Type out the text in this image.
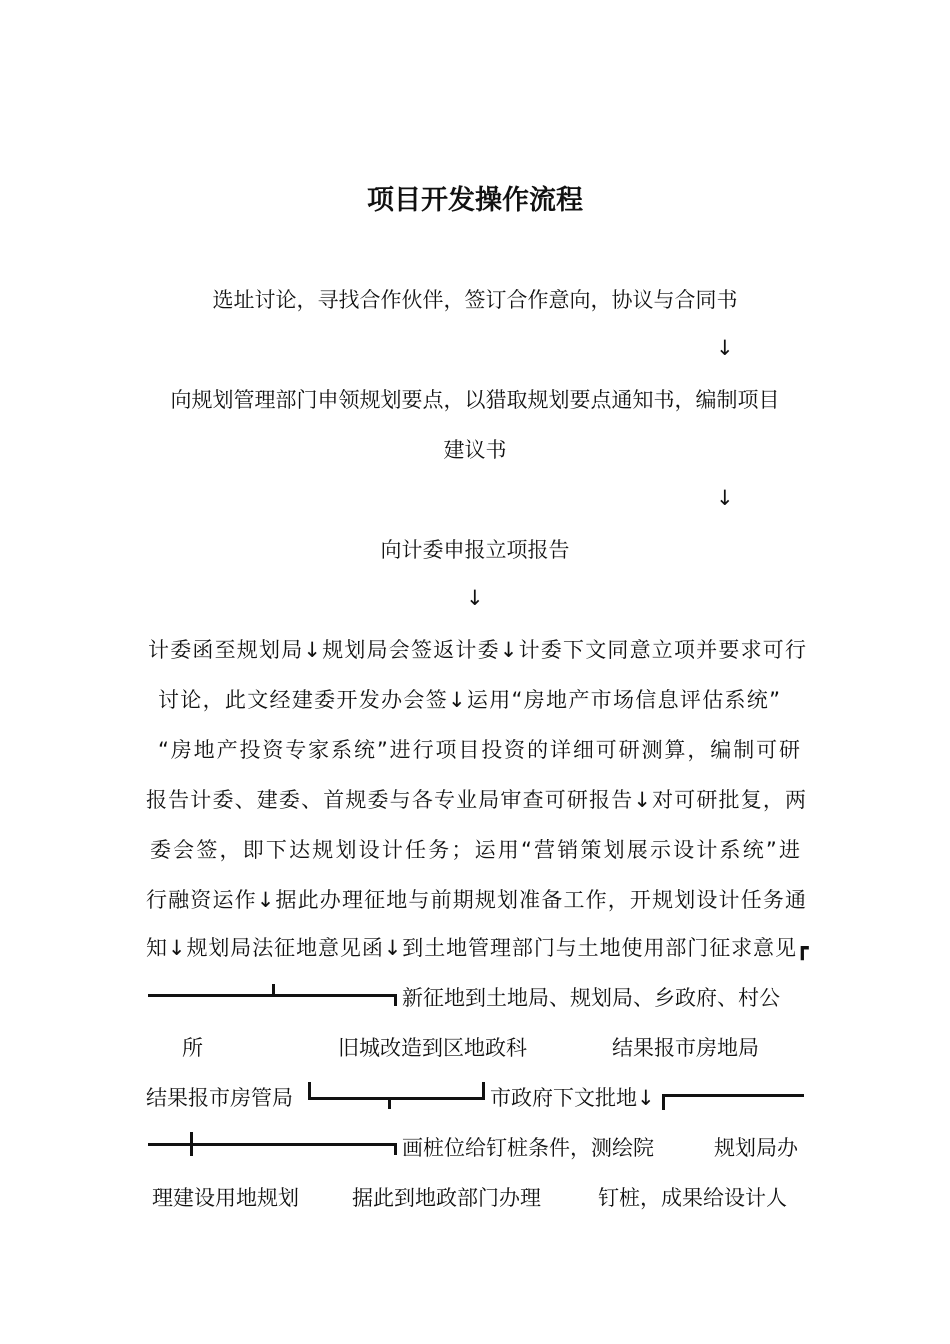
项目开发操作流程
选址讨论，寻找合作伙伴，签订合作意向，协议与合同书
↓
向规划管理部门申领规划要点，以猎取规划要点通知书，编制项目
建议书
↓
向计委申报立项报告
↓
计委函至规划局↓规划局会签返计委↓计委下文同意立项并要求可行
讨论，此文经建委开发办会签↓运用“房地产市场信息评估系统”
“房地产投资专家系统”进行项目投资的详细可研测算，编制可研
报告计委、建委、首规委与各专业局审查可研报告↓对可研批复，两
委会签，即下达规划设计任务；运用“营销策划展示设计系统”进
行融资运作↓据此办理征地与前期规划准备工作，开规划设计任务通
知↓规划局法征地意见函↓到土地管理部门与土地使用部门征求意见 ┏
新征地到土地局、规划局、乡政府、村公
所	旧城改造到区地政科	结果报市房地局
结果报市房管局	市政府下文批地↓
画桩位给钉桩条件，测绘院	规划局办
理建设用地规划	据此到地政部门办理	钉桩，成果给设计人
